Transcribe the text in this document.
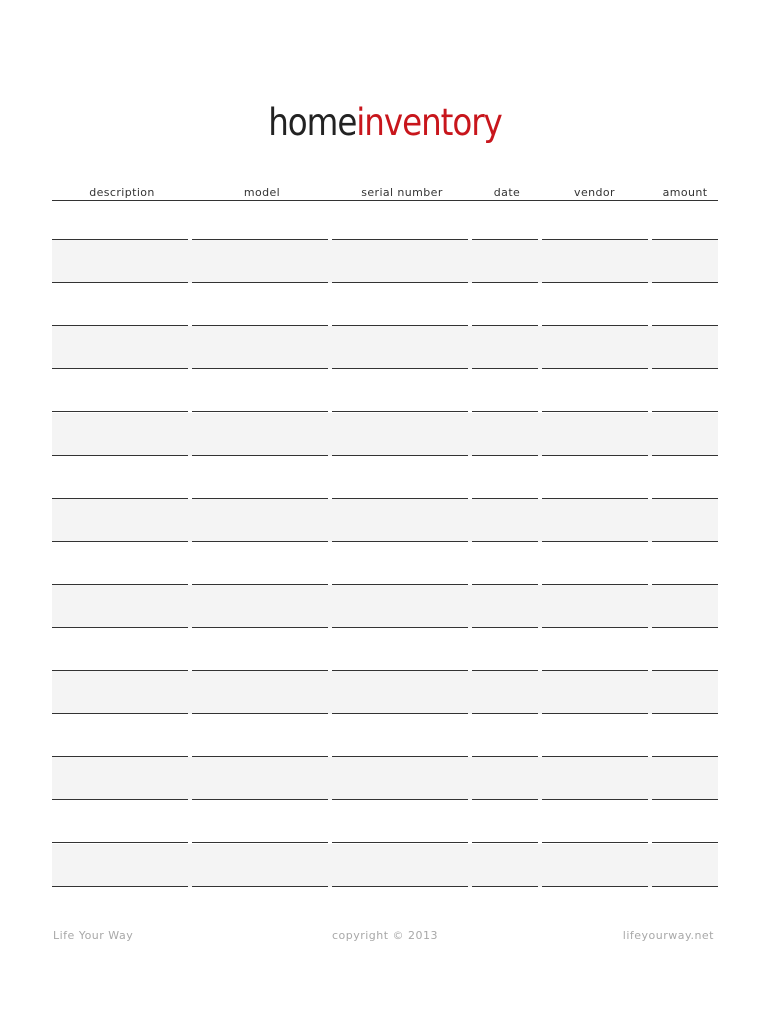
homeinventory
description	model	serial number	date	vendor	amount
Life Your Way	copyright © 2013	lifeyourway.net
